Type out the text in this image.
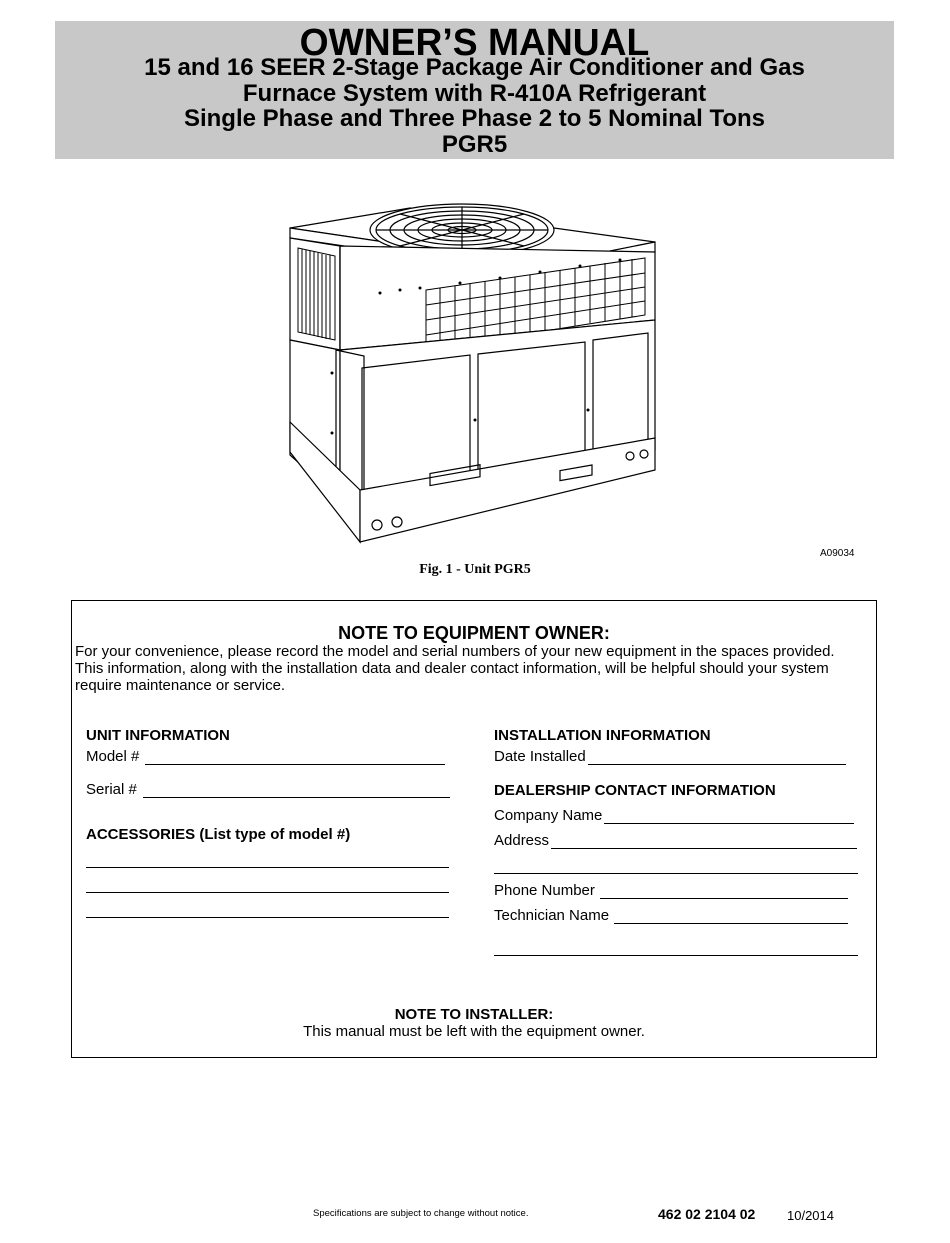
OWNER’S MANUAL
15 and 16 SEER 2-Stage Package Air Conditioner and Gas
Furnace System with R-410A Refrigerant
Single Phase and Three Phase 2 to 5 Nominal Tons
PGR5
A09034
Fig. 1 - Unit PGR5
NOTE TO EQUIPMENT OWNER:
For your convenience, please record the model and serial numbers of your new equipment in the spaces provided. This information, along with the installation data and dealer contact information, will be helpful should your system require maintenance or service.
UNIT INFORMATION
Model #
Serial #
ACCESSORIES (List type of model #)
INSTALLATION INFORMATION
Date Installed
DEALERSHIP CONTACT INFORMATION
Company Name
Address
Phone Number
Technician Name
NOTE TO INSTALLER:
This manual must be left with the equipment owner.
Specifications are subject to change without notice.	462 02 2104 02 10/2014
